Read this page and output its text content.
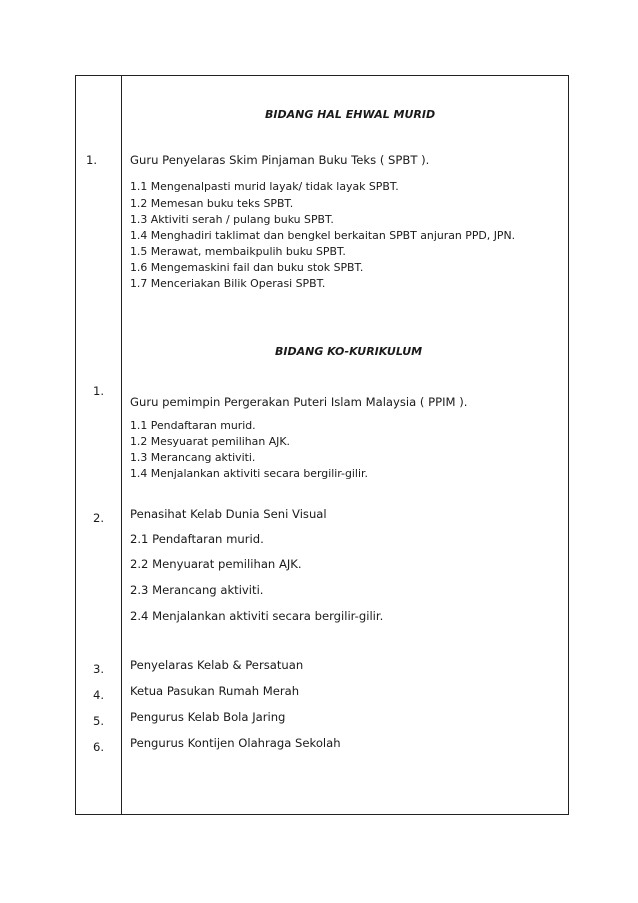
BIDANG HAL EHWAL MURID
1.	Guru Penyelaras Skim Pinjaman Buku Teks ( SPBT ).
1.1 Mengenalpasti murid layak/ tidak layak SPBT.
1.2 Memesan buku teks SPBT.
1.3 Aktiviti serah / pulang buku SPBT.
1.4 Menghadiri taklimat dan bengkel berkaitan SPBT anjuran PPD, JPN.
1.5 Merawat, membaikpulih buku SPBT.
1.6 Mengemaskini fail dan buku stok SPBT.
1.7 Menceriakan Bilik Operasi SPBT.
BIDANG KO-KURIKULUM
1.
Guru pemimpin Pergerakan Puteri Islam Malaysia ( PPIM ).
1.1 Pendaftaran murid.
1.2 Mesyuarat pemilihan AJK.
1.3 Merancang aktiviti.
1.4 Menjalankan aktiviti secara bergilir-gilir.
2. Penasihat Kelab Dunia Seni Visual
2.1 Pendaftaran murid.
2.2 Menyuarat pemilihan AJK.
2.3 Merancang aktiviti.
2.4 Menjalankan aktiviti secara bergilir-gilir.
3. Penyelaras Kelab & Persatuan
4. Ketua Pasukan Rumah Merah
5. Pengurus Kelab Bola Jaring
6. Pengurus Kontijen Olahraga Sekolah
